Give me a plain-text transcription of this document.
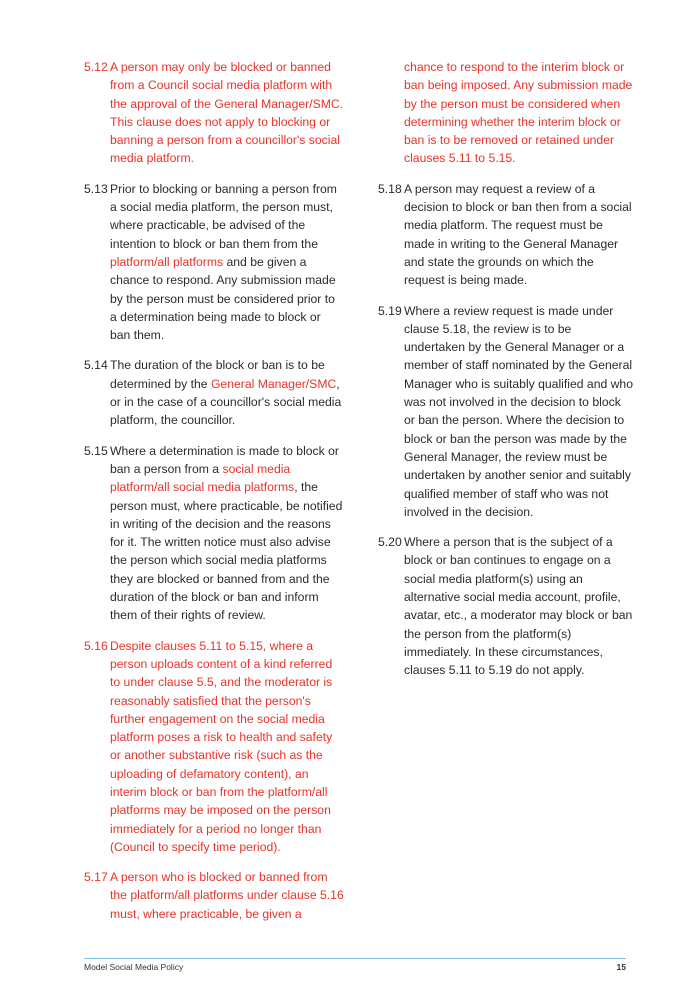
5.12 A person may only be blocked or banned from a Council social media platform with the approval of the General Manager/SMC. This clause does not apply to blocking or banning a person from a councillor's social media platform.
5.13 Prior to blocking or banning a person from a social media platform, the person must, where practicable, be advised of the intention to block or ban them from the platform/all platforms and be given a chance to respond. Any submission made by the person must be considered prior to a determination being made to block or ban them.
5.14 The duration of the block or ban is to be determined by the General Manager/SMC, or in the case of a councillor's social media platform, the councillor.
5.15 Where a determination is made to block or ban a person from a social media platform/all social media platforms, the person must, where practicable, be notified in writing of the decision and the reasons for it. The written notice must also advise the person which social media platforms they are blocked or banned from and the duration of the block or ban and inform them of their rights of review.
5.16 Despite clauses 5.11 to 5.15, where a person uploads content of a kind referred to under clause 5.5, and the moderator is reasonably satisfied that the person's further engagement on the social media platform poses a risk to health and safety or another substantive risk (such as the uploading of defamatory content), an interim block or ban from the platform/all platforms may be imposed on the person immediately for a period no longer than (Council to specify time period).
5.17 A person who is blocked or banned from the platform/all platforms under clause 5.16 must, where practicable, be given a
chance to respond to the interim block or ban being imposed. Any submission made by the person must be considered when determining whether the interim block or ban is to be removed or retained under clauses 5.11 to 5.15.
5.18 A person may request a review of a decision to block or ban then from a social media platform. The request must be made in writing to the General Manager and state the grounds on which the request is being made.
5.19 Where a review request is made under clause 5.18, the review is to be undertaken by the General Manager or a member of staff nominated by the General Manager who is suitably qualified and who was not involved in the decision to block or ban the person. Where the decision to block or ban the person was made by the General Manager, the review must be undertaken by another senior and suitably qualified member of staff who was not involved in the decision.
5.20 Where a person that is the subject of a block or ban continues to engage on a social media platform(s) using an alternative social media account, profile, avatar, etc., a moderator may block or ban the person from the platform(s) immediately. In these circumstances, clauses 5.11 to 5.19 do not apply.
Model Social Media Policy	15
